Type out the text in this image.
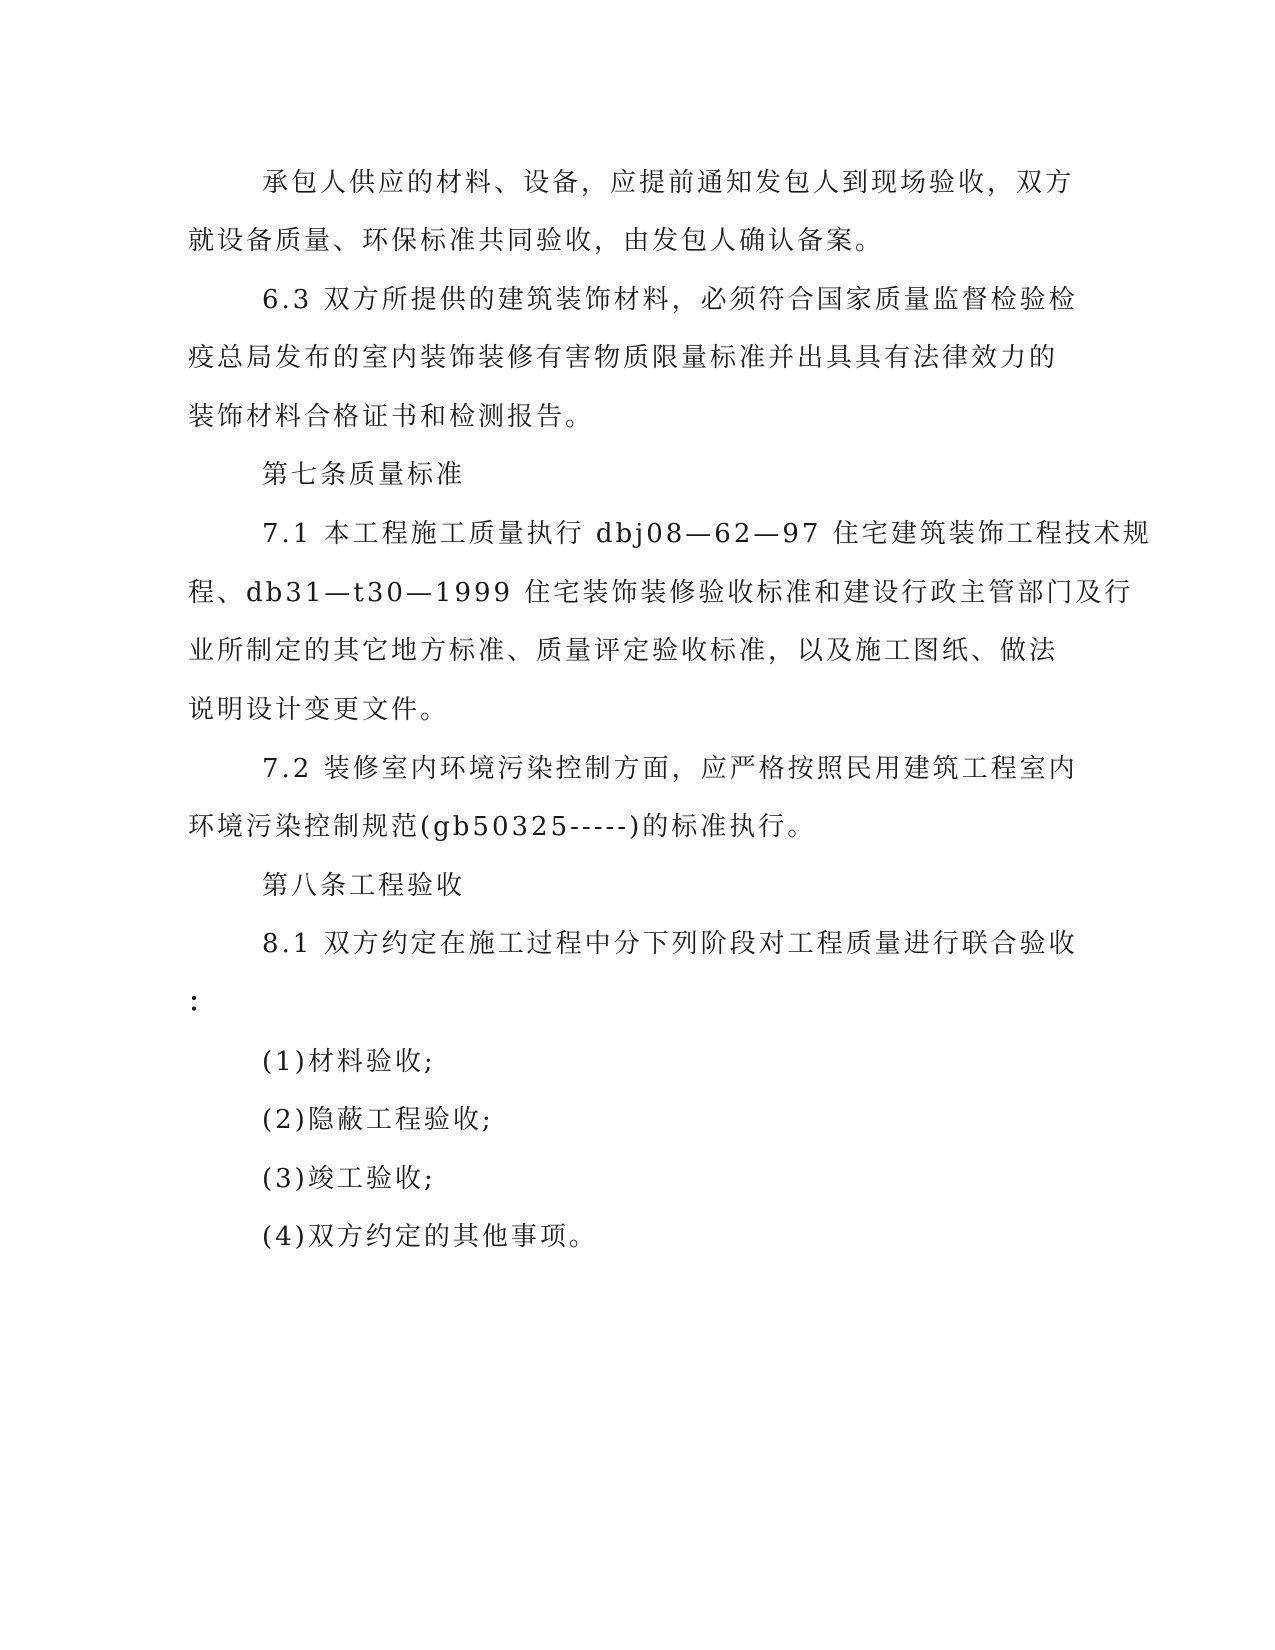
承包人供应的材料、设备，应提前通知发包人到现场验收，双方
就设备质量、环保标准共同验收，由发包人确认备案。
6.3 双方所提供的建筑装饰材料，必须符合国家质量监督检验检
疫总局发布的室内装饰装修有害物质限量标准并出具具有法律效力的
装饰材料合格证书和检测报告。
第七条质量标准
7.1 本工程施工质量执行 dbj08—62—97 住宅建筑装饰工程技术规
程、db31—t30—1999 住宅装饰装修验收标准和建设行政主管部门及行
业所制定的其它地方标准、质量评定验收标准，以及施工图纸、做法
说明设计变更文件。
7.2 装修室内环境污染控制方面，应严格按照民用建筑工程室内
环境污染控制规范(gb50325-----)的标准执行。
第八条工程验收
8.1 双方约定在施工过程中分下列阶段对工程质量进行联合验收
：
(1)材料验收;
(2)隐蔽工程验收;
(3)竣工验收;
(4)双方约定的其他事项。
